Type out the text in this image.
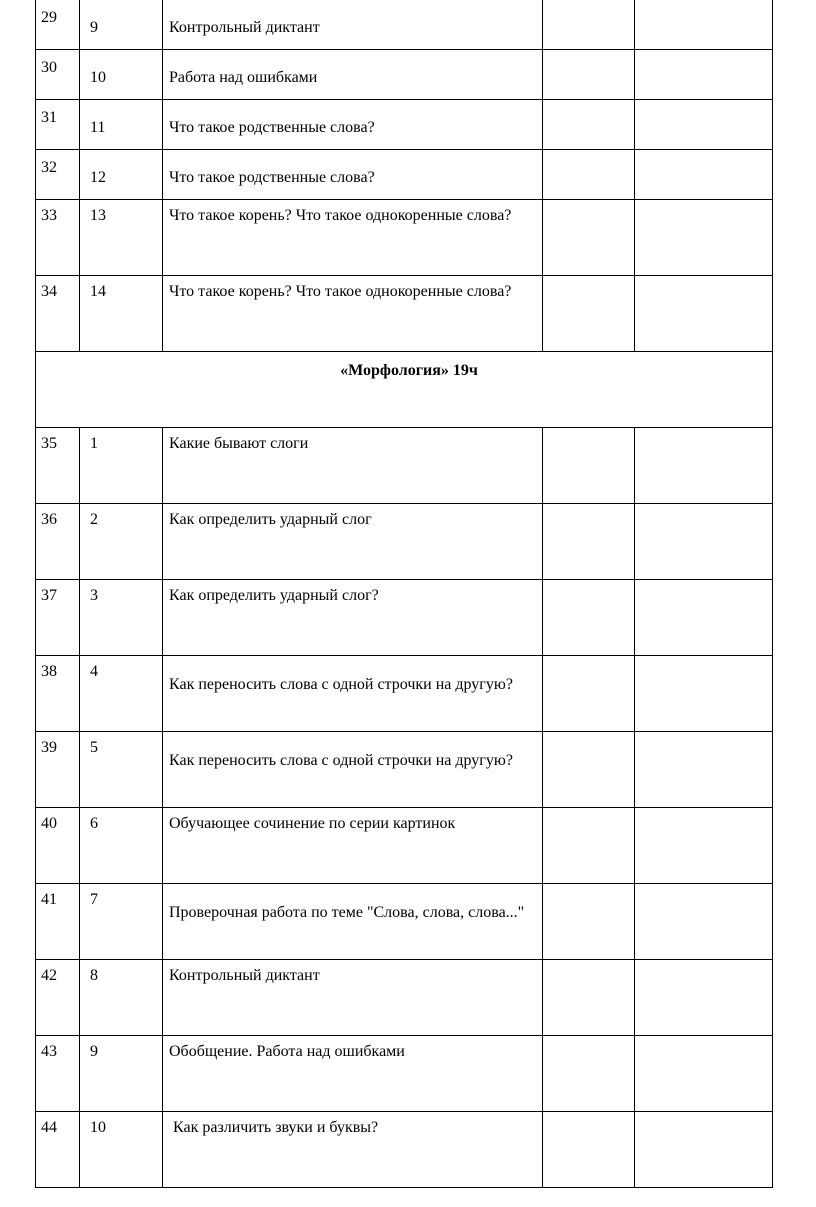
29	9	Контрольный диктант		

30	10	Работа над ошибками		

31	11	Что такое родственные слова?		

32	12	Что такое родственные слова?		

33	13	Что такое корень? Что такое однокоренные слова?		

34	14	Что такое корень? Что такое однокоренные слова?		

«Морфология» 19ч				

35	1	Какие бывают слоги		

36	2	Как определить ударный слог		

37	3	Как определить ударный слог?		

38	4	Как переносить слова с одной строчки на другую?		

39	5	Как переносить слова с одной строчки на другую?		

40	6	Обучающее сочинение по серии картинок		

41	7	Проверочная работа по теме "Слова, слова, слова..."		

42	8	Контрольный диктант		

43	9	Обобщение. Работа над ошибками		

44	10	Как различить звуки и буквы?		
